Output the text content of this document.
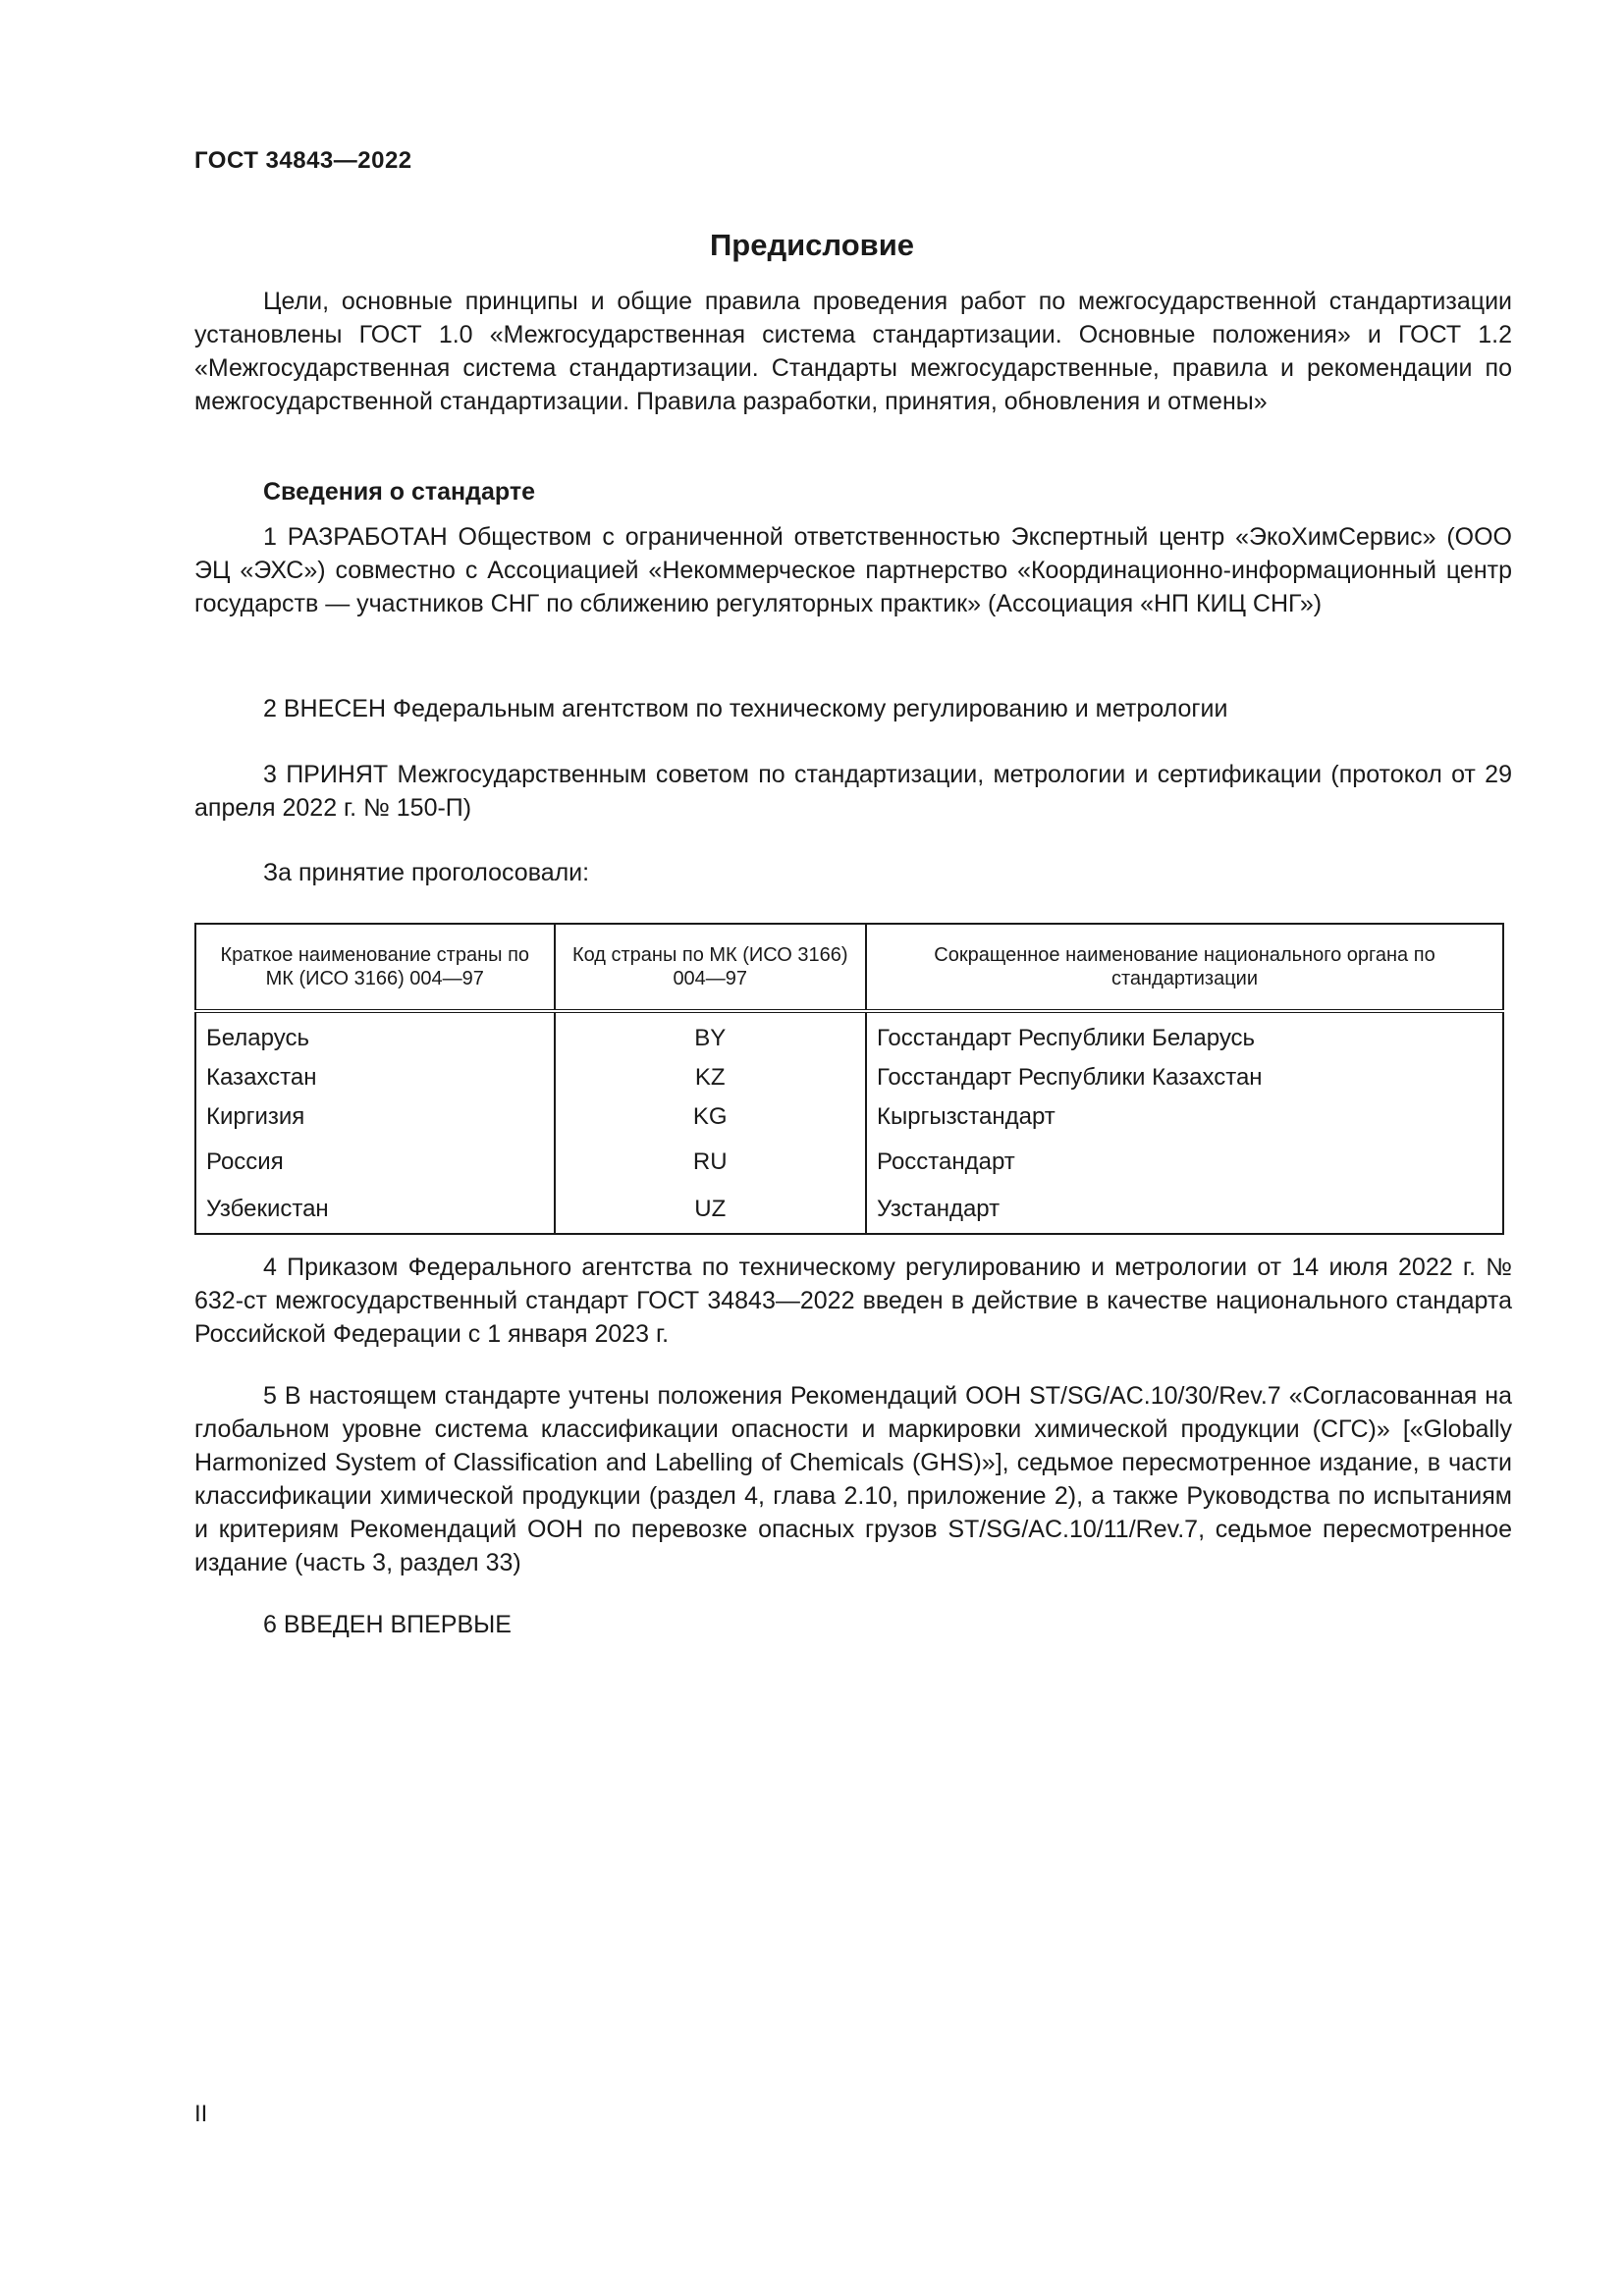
ГОСТ 34843—2022
Предисловие

Цели, основные принципы и общие правила проведения работ по межгосударственной стандартизации установлены ГОСТ 1.0 «Межгосударственная система стандартизации. Основные положения» и ГОСТ 1.2 «Межгосударственная система стандартизации. Стандарты межгосударственные, правила и рекомендации по межгосударственной стандартизации. Правила разработки, принятия, обновления и отмены»

Сведения о стандарте

1 РАЗРАБОТАН Обществом с ограниченной ответственностью Экспертный центр «ЭкоХимСервис» (ООО ЭЦ «ЭХС») совместно с Ассоциацией «Некоммерческое партнерство «Координационно-информационный центр государств — участников СНГ по сближению регуляторных практик» (Ассоциация «НП КИЦ СНГ»)

2 ВНЕСЕН Федеральным агентством по техническому регулированию и метрологии

3 ПРИНЯТ Межгосударственным советом по стандартизации, метрологии и сертификации (протокол от 29 апреля 2022 г. № 150-П)

За принятие проголосовали:
Краткое наименование страны по МК (ИСО 3166) 004—97	Код страны по МК (ИСО 3166) 004—97	Сокращенное наименование национального органа по стандартизации
Беларусь	BY	Госстандарт Республики Беларусь
Казахстан	KZ	Госстандарт Республики Казахстан
Киргизия	KG	Кыргызстандарт
Россия	RU	Росстандарт
Узбекистан	UZ	Узстандарт

4 Приказом Федерального агентства по техническому регулированию и метрологии от 14 июля 2022 г. № 632-ст межгосударственный стандарт ГОСТ 34843—2022 введен в действие в качестве национального стандарта Российской Федерации с 1 января 2023 г.

5 В настоящем стандарте учтены положения Рекомендаций ООН ST/SG/AC.10/30/Rev.7 «Согласованная на глобальном уровне система классификации опасности и маркировки химической продукции (СГС)» [«Globally Harmonized System of Classification and Labelling of Chemicals (GHS)»], седьмое пересмотренное издание, в части классификации химической продукции (раздел 4, глава 2.10, приложение 2), а также Руководства по испытаниям и критериям Рекомендаций ООН по перевозке опасных грузов ST/SG/AC.10/11/Rev.7, седьмое пересмотренное издание (часть 3, раздел 33)

6 ВВЕДЕН ВПЕРВЫЕ
II
